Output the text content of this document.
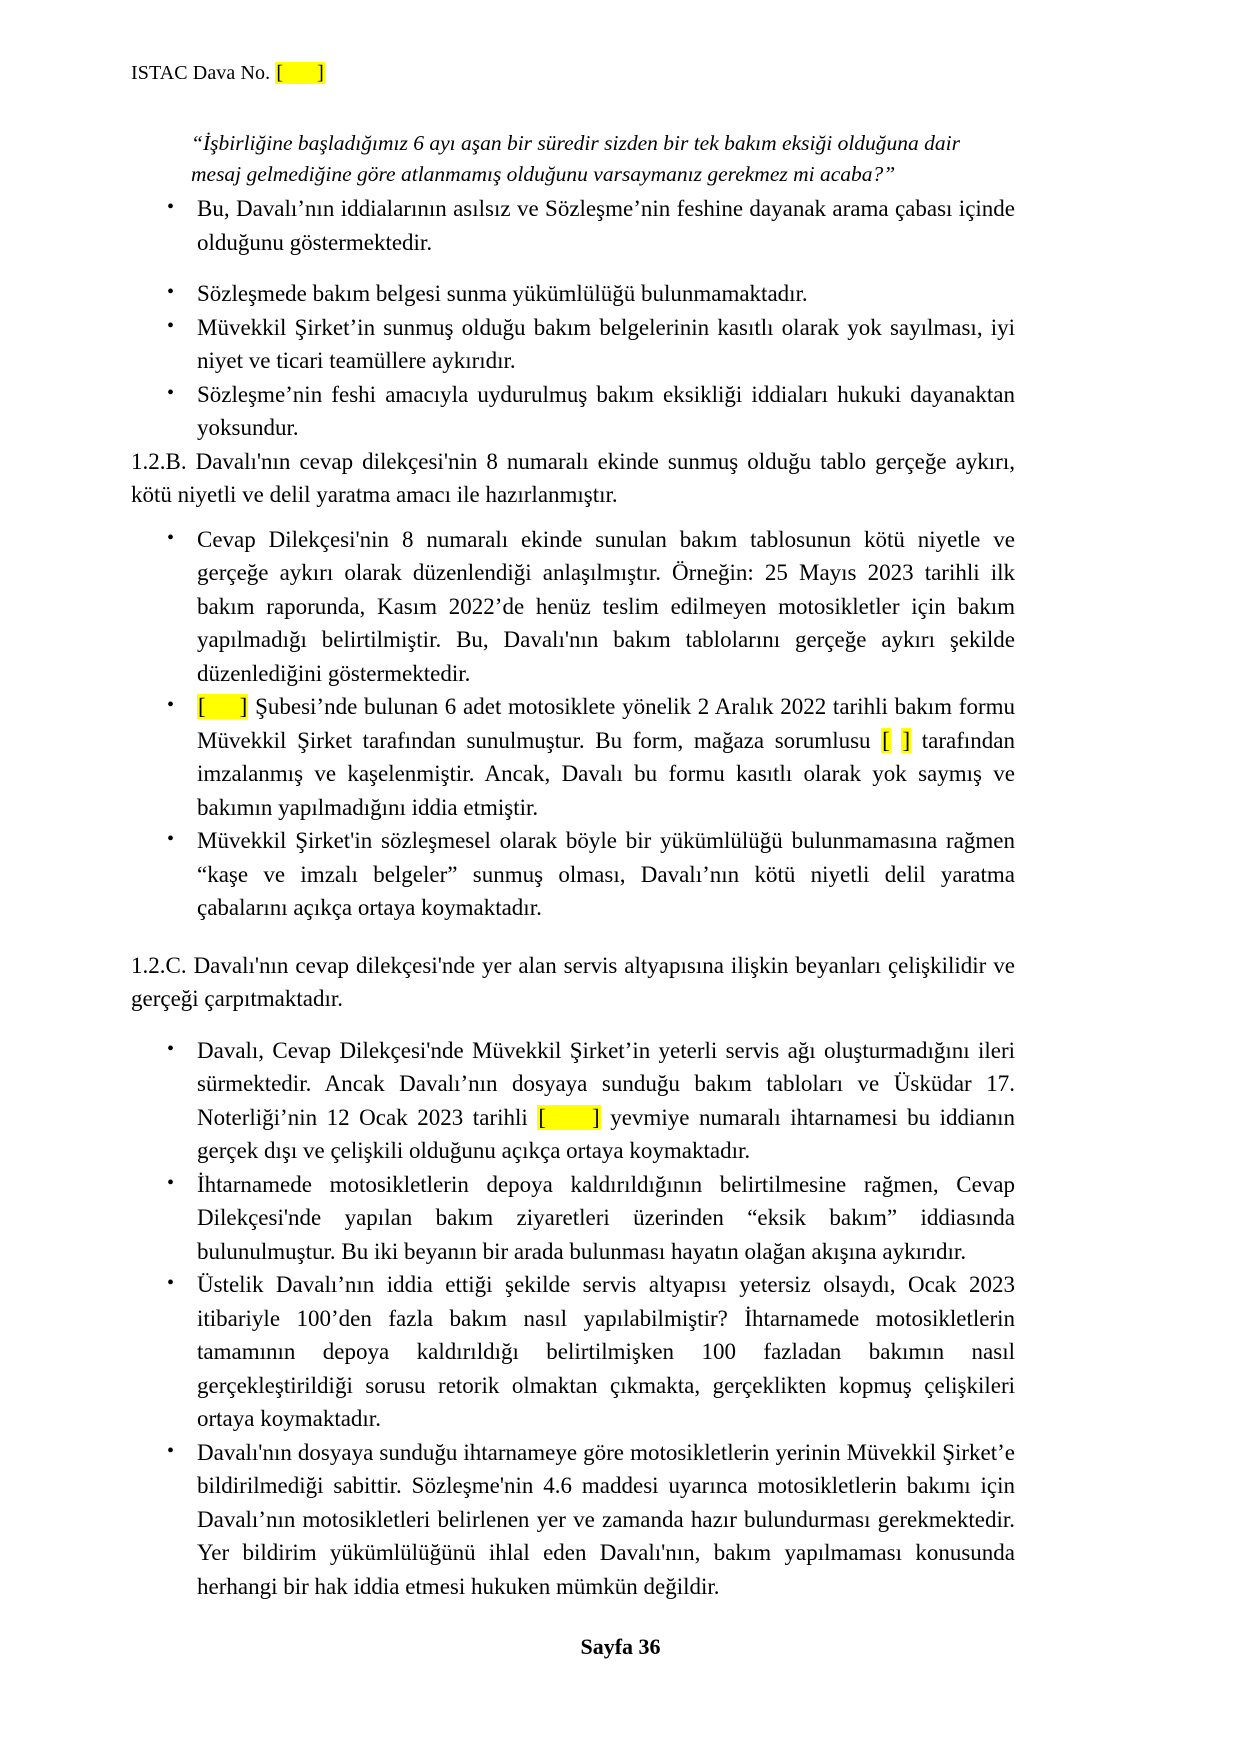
ISTAC Dava No. [ ]

“İşbirliğine başladığımız 6 ayı aşan bir süredir sizden bir tek bakım eksiği olduğuna dair mesaj gelmediğine göre atlanmamış olduğunu varsaymanız gerekmez mi acaba?”

• Bu, Davalı’nın iddialarının asılsız ve Sözleşme’nin feshine dayanak arama çabası içinde olduğunu göstermektedir.
• Sözleşmede bakım belgesi sunma yükümlülüğü bulunmamaktadır.
• Müvekkil Şirket’in sunmuş olduğu bakım belgelerinin kasıtlı olarak yok sayılması, iyi niyet ve ticari teamüllere aykırıdır.
• Sözleşme’nin feshi amacıyla uydurulmuş bakım eksikliği iddiaları hukuki dayanaktan yoksundur.

1.2.B. Davalı'nın cevap dilekçesi'nin 8 numaralı ekinde sunmuş olduğu tablo gerçeğe aykırı, kötü niyetli ve delil yaratma amacı ile hazırlanmıştır.

• Cevap Dilekçesi'nin 8 numaralı ekinde sunulan bakım tablosunun kötü niyetle ve gerçeğe aykırı olarak düzenlendiği anlaşılmıştır. Örneğin: 25 Mayıs 2023 tarihli ilk bakım raporunda, Kasım 2022’de henüz teslim edilmeyen motosikletler için bakım yapılmadığı belirtilmiştir. Bu, Davalı'nın bakım tablolarını gerçeğe aykırı şekilde düzenlediğini göstermektedir.
• [ ] Şubesi’nde bulunan 6 adet motosiklete yönelik 2 Aralık 2022 tarihli bakım formu Müvekkil Şirket tarafından sunulmuştur. Bu form, mağaza sorumlusu [ ] tarafından imzalanmış ve kaşelenmiştir. Ancak, Davalı bu formu kasıtlı olarak yok saymış ve bakımın yapılmadığını iddia etmiştir.
• Müvekkil Şirket'in sözleşmesel olarak böyle bir yükümlülüğü bulunmamasına rağmen “kaşe ve imzalı belgeler” sunmuş olması, Davalı’nın kötü niyetli delil yaratma çabalarını açıkça ortaya koymaktadır.

1.2.C. Davalı'nın cevap dilekçesi'nde yer alan servis altyapısına ilişkin beyanları çelişkilidir ve gerçeği çarpıtmaktadır.

• Davalı, Cevap Dilekçesi'nde Müvekkil Şirket’in yeterli servis ağı oluşturmadığını ileri sürmektedir. Ancak Davalı’nın dosyaya sunduğu bakım tabloları ve Üsküdar 17. Noterliği’nin 12 Ocak 2023 tarihli [ ] yevmiye numaralı ihtarnamesi bu iddianın gerçek dışı ve çelişkili olduğunu açıkça ortaya koymaktadır.
• İhtarnamede motosikletlerin depoya kaldırıldığının belirtilmesine rağmen, Cevap Dilekçesi'nde yapılan bakım ziyaretleri üzerinden “eksik bakım” iddiasında bulunulmuştur. Bu iki beyanın bir arada bulunması hayatın olağan akışına aykırıdır.
• Üstelik Davalı’nın iddia ettiği şekilde servis altyapısı yetersiz olsaydı, Ocak 2023 itibariyle 100’den fazla bakım nasıl yapılabilmiştir? İhtarnamede motosikletlerin tamamının depoya kaldırıldığı belirtilmişken 100 fazladan bakımın nasıl gerçekleştirildiği sorusu retorik olmaktan çıkmakta, gerçeklikten kopmuş çelişkileri ortaya koymaktadır.
• Davalı'nın dosyaya sunduğu ihtarnameye göre motosikletlerin yerinin Müvekkil Şirket’e bildirilmediği sabittir. Sözleşme'nin 4.6 maddesi uyarınca motosikletlerin bakımı için Davalı’nın motosikletleri belirlenen yer ve zamanda hazır bulundurması gerekmektedir. Yer bildirim yükümlülüğünü ihlal eden Davalı'nın, bakım yapılmaması konusunda herhangi bir hak iddia etmesi hukuken mümkün değildir.
Sayfa 36
